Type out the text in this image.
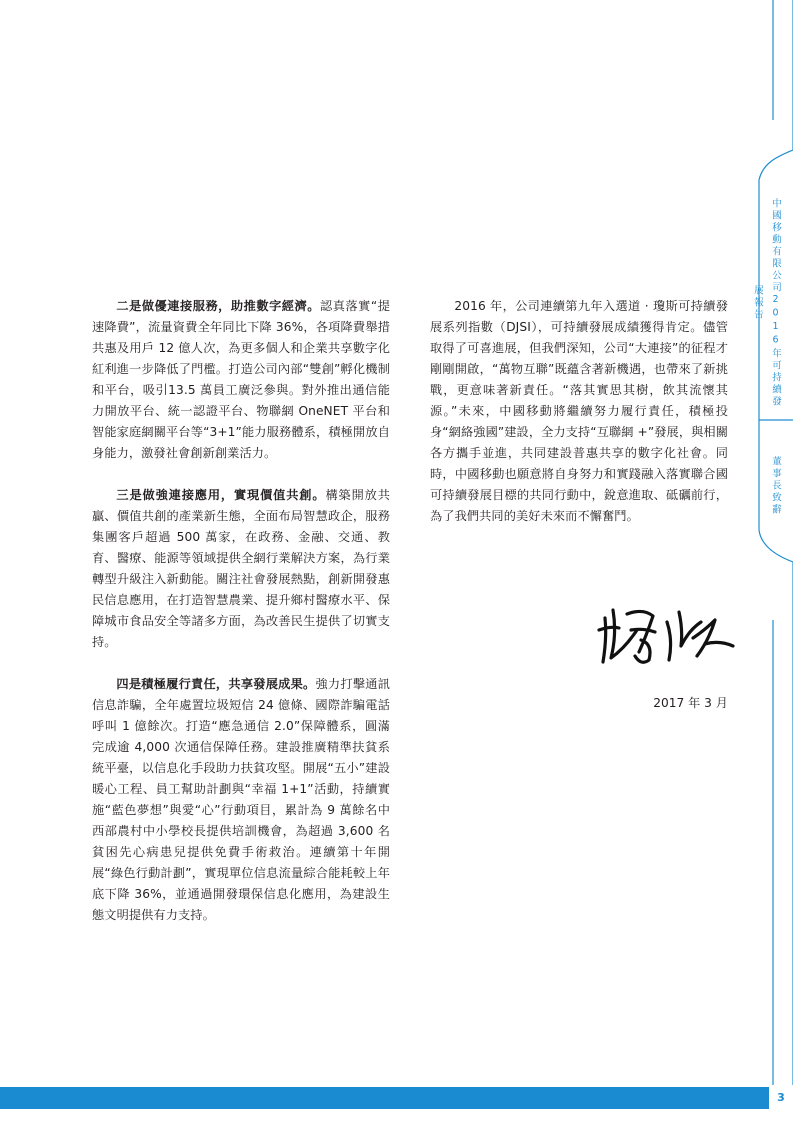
二是做優連接服務，助推數字經濟。認真落實“提速降費”，流量資費全年同比下降 36%，各項降費舉措共惠及用戶 12 億人次，為更多個人和企業共享數字化紅利進一步降低了門檻。打造公司內部“雙創”孵化機制和平台，吸引13.5 萬員工廣泛參與。對外推出通信能力開放平台、統一認證平台、物聯網 OneNET 平台和智能家庭網關平台等“3+1”能力服務體系，積極開放自身能力，激發社會創新創業活力。

三是做強連接應用，實現價值共創。構築開放共贏、價值共創的產業新生態，全面布局智慧政企，服務集團客戶超過 500 萬家，在政務、金融、交通、教育、醫療、能源等領域提供全網行業解決方案，為行業轉型升級注入新動能。關注社會發展熱點，創新開發惠民信息應用，在打造智慧農業、提升鄉村醫療水平、保障城市食品安全等諸多方面，為改善民生提供了切實支持。

四是積極履行責任，共享發展成果。強力打擊通訊信息詐騙，全年處置垃圾短信 24 億條、國際詐騙電話呼叫 1 億餘次。打造“應急通信 2.0”保障體系，圓滿完成逾 4,000 次通信保障任務。建設推廣精準扶貧系統平臺，以信息化手段助力扶貧攻堅。開展“五小”建設暖心工程、員工幫助計劃與“幸福 1+1”活動，持續實施“藍色夢想”與愛“心”行動項目，累計為 9 萬餘名中西部農村中小學校長提供培訓機會，為超過 3,600 名貧困先心病患兒提供免費手術救治。連續第十年開展“綠色行動計劃”，實現單位信息流量綜合能耗較上年底下降 36%，並通過開發環保信息化應用，為建設生態文明提供有力支持。

2016 年，公司連續第九年入選道 · 瓊斯可持續發展系列指數（DJSI），可持續發展成績獲得肯定。儘管取得了可喜進展，但我們深知，公司“大連接”的征程才剛剛開啟，“萬物互聯”既蘊含著新機遇，也帶來了新挑戰，更意味著新責任。“落其實思其樹，飲其流懷其源。”未來，中國移動將繼續努力履行責任，積極投身“網絡強國”建設，全力支持“互聯網 +”發展，與相關各方攜手並進，共同建設普惠共享的數字化社會。同時，中國移動也願意將自身努力和實踐融入落實聯合國可持續發展目標的共同行動中，銳意進取、砥礪前行，為了我們共同的美好未來而不懈奮鬥。

2017 年 3 月
中國移動有限公司2016年可持續發展報告
董事長致辭
3
